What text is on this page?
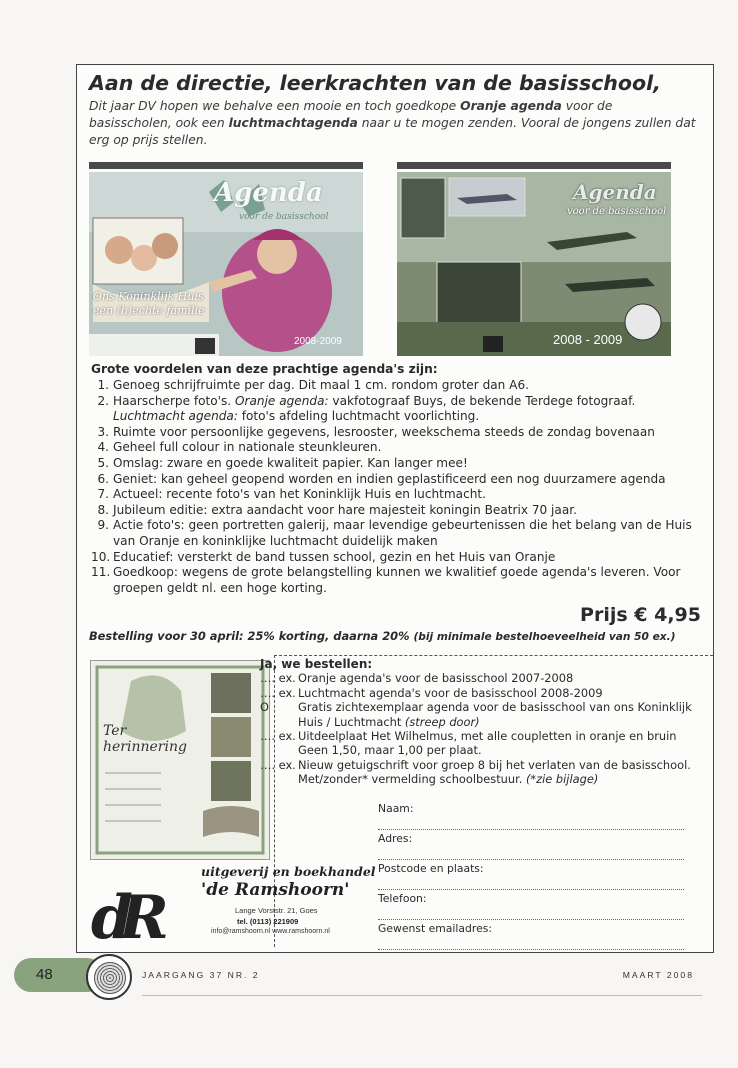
Aan de directie, leerkrachten van de basisschool,
Dit jaar DV hopen we behalve een mooie en toch goedkope Oranje agenda voor de basisscholen, ook een luchtmachtagenda naar u te mogen zenden. Vooral de jongens zullen dat erg op prijs stellen.
Agenda
voor de basisschool
Ons Koninklijk Huis een (h)echte familie
2008-2009
Agenda
voor de basisschool
2008 - 2009
Grote voordelen van deze prachtige agenda's zijn:
1. Genoeg schrijfruimte per dag. Dit maal 1 cm. rondom groter dan A6.
2. Haarscherpe foto's. Oranje agenda: vakfotograaf Buys, de bekende Terdege fotograaf.
Luchtmacht agenda: foto's afdeling luchtmacht voorlichting.
3. Ruimte voor persoonlijke gegevens, lesrooster, weekschema steeds de zondag bovenaan
4. Geheel full colour in nationale steunkleuren.
5. Omslag: zware en goede kwaliteit papier. Kan langer mee!
6. Geniet: kan geheel geopend worden en indien geplastificeerd een nog duurzamere agenda
7. Actueel: recente foto's van het Koninklijk Huis en luchtmacht.
8. Jubileum editie: extra aandacht voor hare majesteit koningin Beatrix 70 jaar.
9. Actie foto's: geen portretten galerij, maar levendige gebeurtenissen die het belang van de Huis van Oranje en koninklijke luchtmacht duidelijk maken
10. Educatief: versterkt de band tussen school, gezin en het Huis van Oranje
11. Goedkoop: wegens de grote belangstelling kunnen we kwalitief goede agenda's leveren. Voor groepen geldt nl. een hoge korting.
Prijs € 4,95
Bestelling voor 30 april: 25% korting, daarna 20% (bij minimale bestelhoeveelheid van 50 ex.)
Ter
herinnering
dR
uitgeverij en boekhandel
'de Ramshoorn'
Lange Vorststr. 21, Goes
tel. (0113) 221909
info@ramshoorn.nl www.ramshoorn.nl
Ja, we bestellen:
…. ex. Oranje agenda's voor de basisschool 2007-2008
…. ex. Luchtmacht agenda's voor de basisschool 2008-2009
O	Gratis zichtexemplaar agenda voor de basisschool van ons Koninklijk Huis / Luchtmacht (streep door)
…. ex. Uitdeelplaat Het Wilhelmus, met alle coupletten in oranje en bruin Geen 1,50, maar 1,00 per plaat.
…. ex. Nieuw getuigschrift voor groep 8 bij het verlaten van de basisschool. Met/zonder* vermelding schoolbestuur. (*zie bijlage)
Naam:
Adres:
Postcode en plaats:
Telefoon:
Gewenst emailadres:
48	JAARGANG 37 NR. 2	MAART 2008
